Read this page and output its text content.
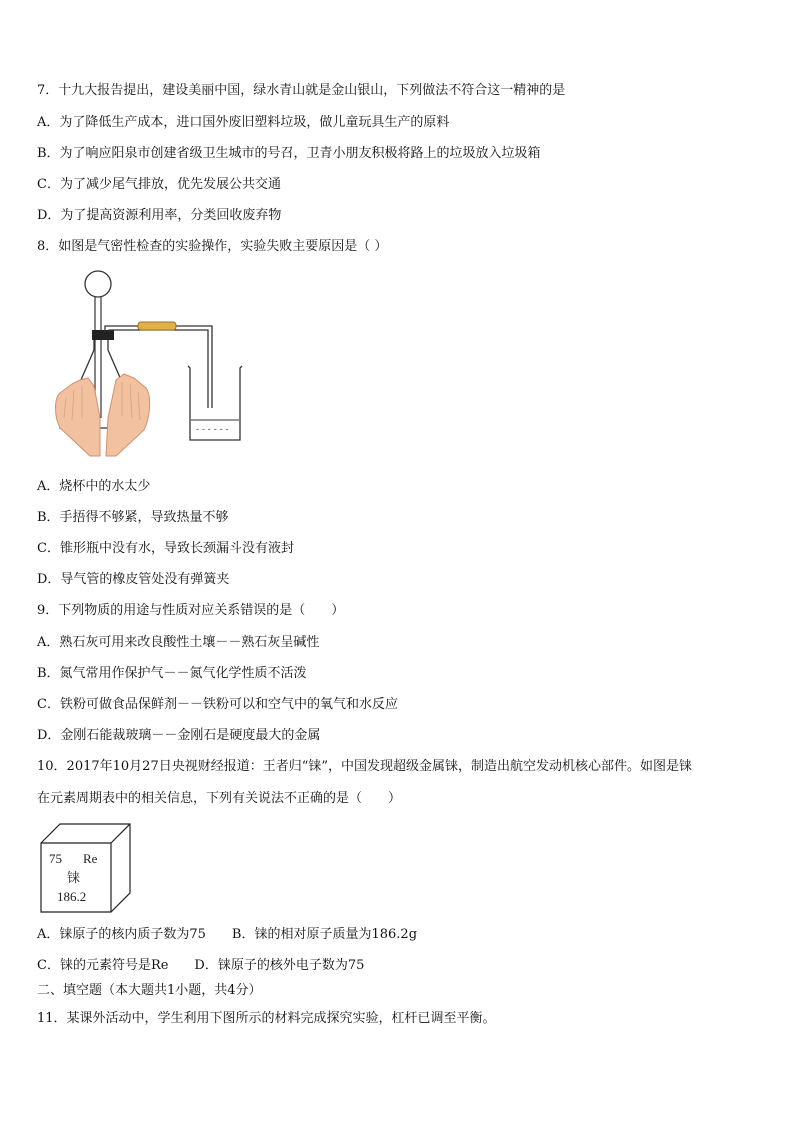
7．十九大报告提出，建设美丽中国，绿水青山就是金山银山，下列做法不符合这一精神的是
A．为了降低生产成本，进口国外废旧塑料垃圾，做儿童玩具生产的原料
B．为了响应阳泉市创建省级卫生城市的号召，卫青小朋友积极将路上的垃圾放入垃圾箱
C．为了减少尾气排放，优先发展公共交通
D．为了提高资源利用率，分类回收废弃物
8．如图是气密性检查的实验操作，实验失败主要原因是（ ）
- - - - - -
A．烧杯中的水太少
B．手捂得不够紧，导致热量不够
C．锥形瓶中没有水，导致长颈漏斗没有液封
D．导气管的橡皮管处没有弹簧夹
9．下列物质的用途与性质对应关系错误的是（　　）
A．熟石灰可用来改良酸性土壤－－熟石灰呈碱性
B．氮气常用作保护气－－氮气化学性质不活泼
C．铁粉可做食品保鲜剂－－铁粉可以和空气中的氧气和水反应
D．金刚石能裁玻璃－－金刚石是硬度最大的金属
10．2017年10月27日央视财经报道：王者归“铼”，中国发现超级金属铼，制造出航空发动机核心部件。如图是铼
在元素周期表中的相关信息，下列有关说法不正确的是（　　）
75 Re
铼
186.2
A．铼原子的核内质子数为75　　B．铼的相对原子质量为186.2g
C．铼的元素符号是Re　　D．铼原子的核外电子数为75
二、填空题（本大题共1小题，共4分）
11．某课外活动中，学生利用下图所示的材料完成探究实验，杠杆已调至平衡。
